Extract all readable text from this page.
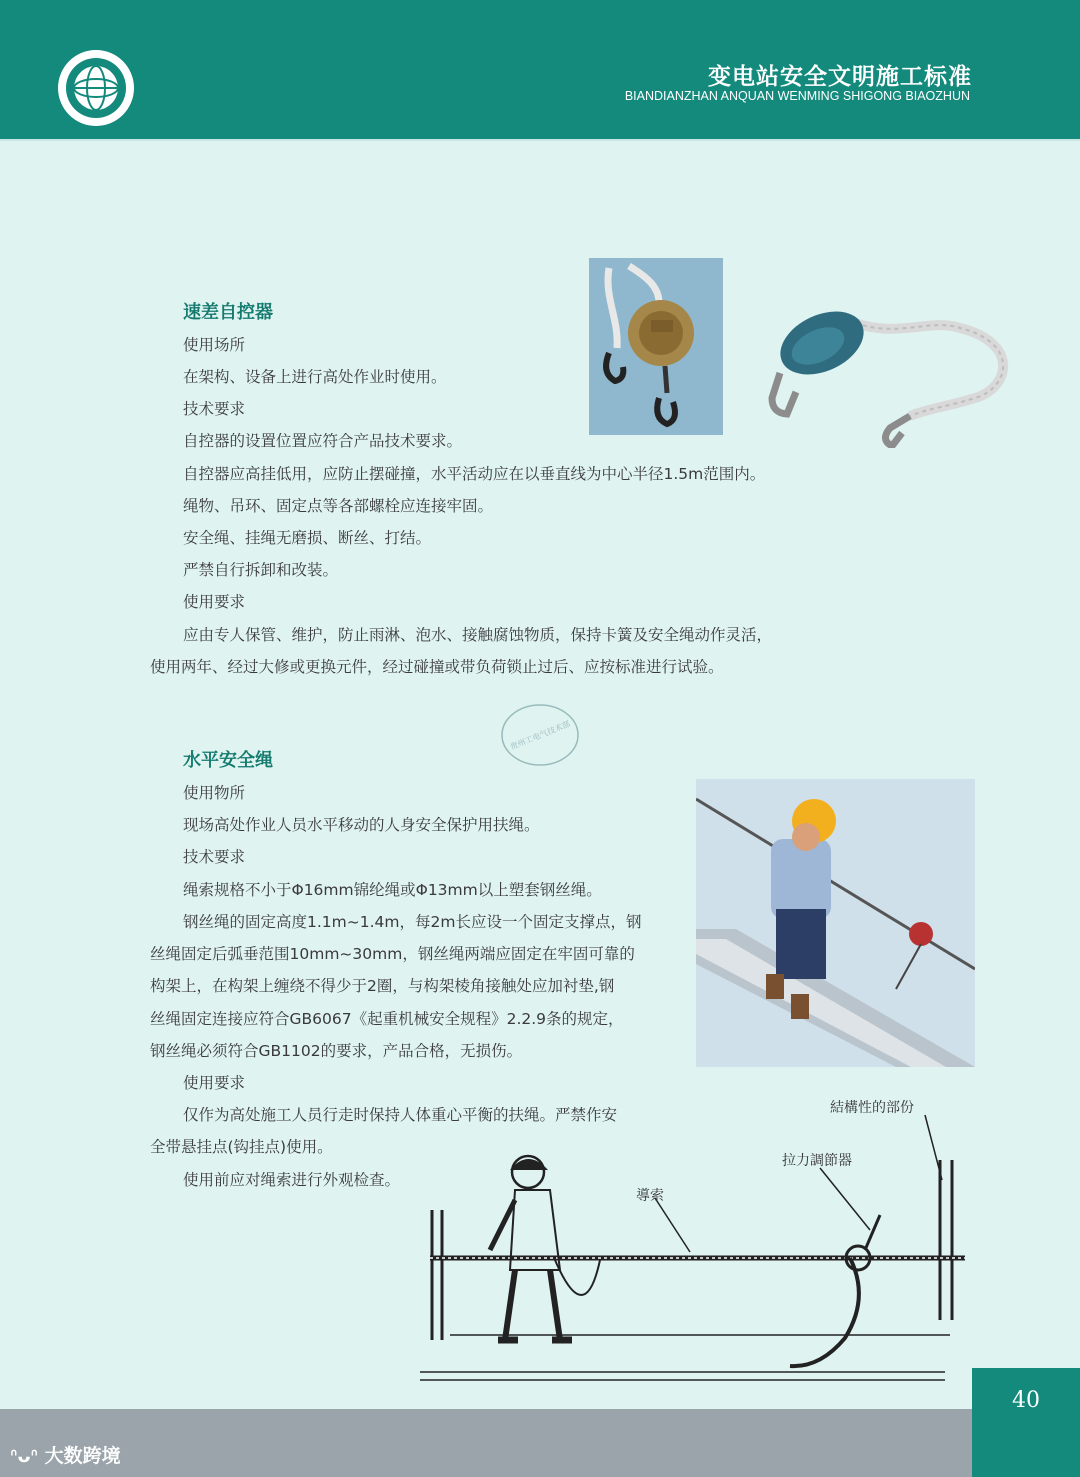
变电站安全文明施工标准
BIANDIANZHAN ANQUAN WENMING SHIGONG BIAOZHUN
速差自控器
使用场所
在架构、设备上进行高处作业时使用。
技术要求
自控器的设置位置应符合产品技术要求。
自控器应高挂低用，应防止摆碰撞，水平活动应在以垂直线为中心半径1.5m范围内。
绳物、吊环、固定点等各部螺栓应连接牢固。
安全绳、挂绳无磨损、断丝、打结。
严禁自行拆卸和改装。
使用要求
应由专人保管、维护，防止雨淋、泡水、接触腐蚀物质，保持卡簧及安全绳动作灵活，
使用两年、经过大修或更换元件，经过碰撞或带负荷锁止过后、应按标准进行试验。
贵州工电气技术部
水平安全绳
使用物所
现场高处作业人员水平移动的人身安全保护用扶绳。
技术要求
绳索规格不小于Φ16mm锦纶绳或Φ13mm以上塑套钢丝绳。
钢丝绳的固定高度1.1m~1.4m，每2m长应设一个固定支撑点，钢
丝绳固定后弧垂范围10mm~30mm，钢丝绳两端应固定在牢固可靠的
构架上，在构架上缠绕不得少于2圈，与构架棱角接触处应加衬垫,钢
丝绳固定连接应符合GB6067《起重机械安全规程》2.2.9条的规定，
钢丝绳必须符合GB1102的要求，产品合格，无损伤。
使用要求
仅作为高处施工人员行走时保持人体重心平衡的扶绳。严禁作安
全带悬挂点(钩挂点)使用。
使用前应对绳索进行外观检查。
結構性的部份
拉力調節器
導索
40
ᐢᴗᐢ 大数跨境
